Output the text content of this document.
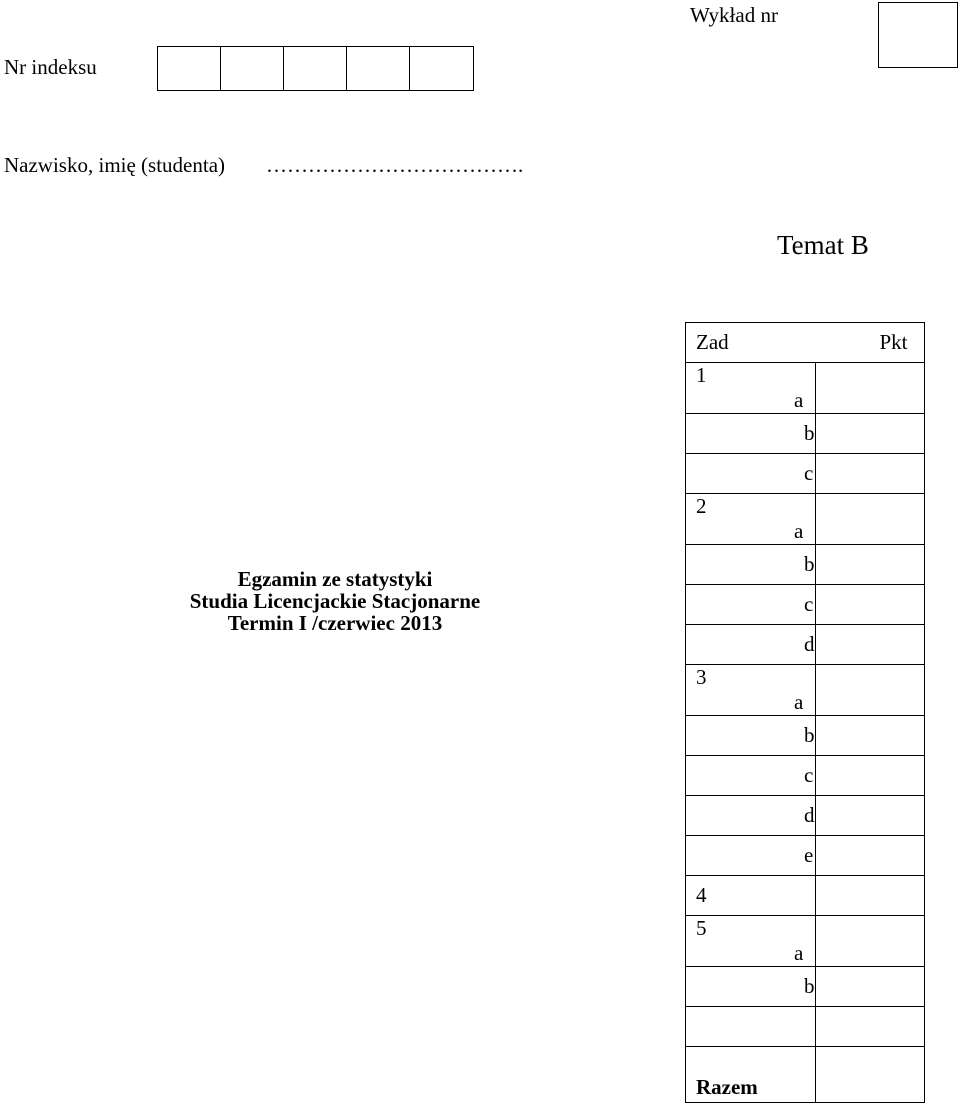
Wykład nr
Nr indeksu
Nazwisko, imię (studenta) ……………………………….
Temat B
Egzamin ze statystyki
Studia Licencjackie Stacjonarne
Termin I /czerwiec 2013
Zad	Pkt
1a	
b	
c	
2a	
b	
c	
d	
3a	
b	
c	
d	
e	
4	
5a	
b	

Razem	
